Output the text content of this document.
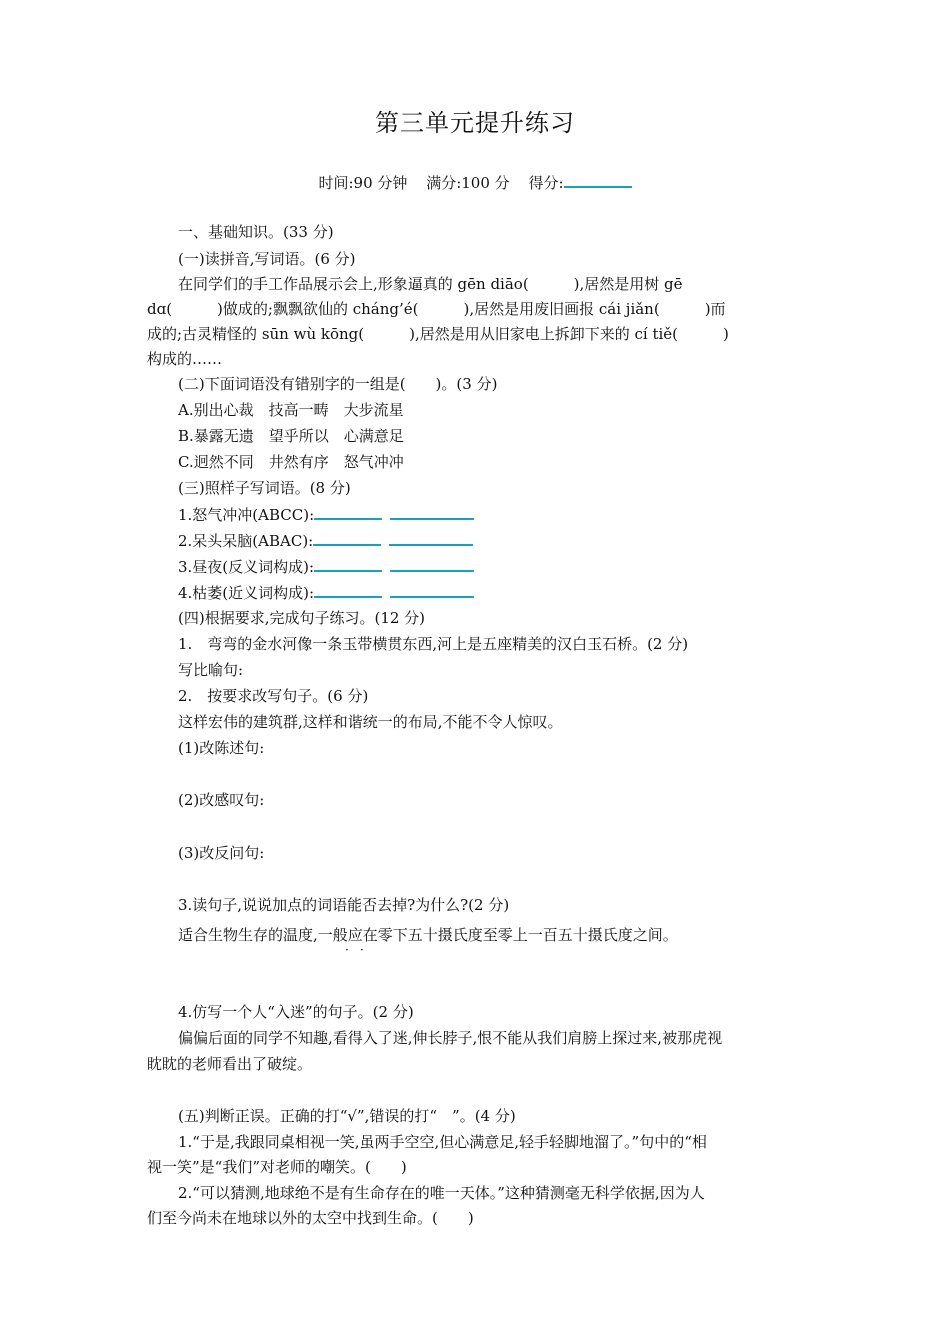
第三单元提升练习
时间:90 分钟 满分:100 分 得分:
一、基础知识。(33 分)
(一)读拼音,写词语。(6 分)
在同学们的手工作品展示会上,形象逼真的 gēn diāo(　　　),居然是用树 gē
dɑ(　　　)做成的;飘飘欲仙的 cháng’é(　　　),居然是用废旧画报 cái jiǎn(　　　)而
成的;古灵精怪的 sūn wù kōng(　　　),居然是用从旧家电上拆卸下来的 cí tiě(　　　)
构成的……
(二)下面词语没有错别字的一组是(　　)。(3 分)
A.别出心裁　技高一畴　大步流星
B.暴露无遗　望乎所以　心满意足
C.迥然不同　井然有序　怒气冲冲
(三)照样子写词语。(8 分)
1.怒气冲冲(ABCC):
2.呆头呆脑(ABAC):
3.昼夜(反义词构成):
4.枯萎(近义词构成):
(四)根据要求,完成句子练习。(12 分)
1.　弯弯的金水河像一条玉带横贯东西,河上是五座精美的汉白玉石桥。(2 分)
写比喻句:
2.　按要求改写句子。(6 分)
这样宏伟的建筑群,这样和谐统一的布局,不能不令人惊叹。
(1)改陈述句:
(2)改感叹句:
(3)改反问句:
3.读句子,说说加点的词语能否去掉?为什么?(2 分)
适合生物生存的温度,一般应在零下五十摄氏度至零上一百五十摄氏度之间。
· ·
4.仿写一个人“入迷”的句子。(2 分)
偏偏后面的同学不知趣,看得入了迷,伸长脖子,恨不能从我们肩膀上探过来,被那虎视
眈眈的老师看出了破绽。
(五)判断正误。正确的打“√”,错误的打“　”。(4 分)
1.“于是,我跟同桌相视一笑,虽两手空空,但心满意足,轻手轻脚地溜了。”句中的“相
视一笑”是“我们”对老师的嘲笑。(　　)
2.“可以猜测,地球绝不是有生命存在的唯一天体。”这种猜测毫无科学依据,因为人
们至今尚未在地球以外的太空中找到生命。(　　)
